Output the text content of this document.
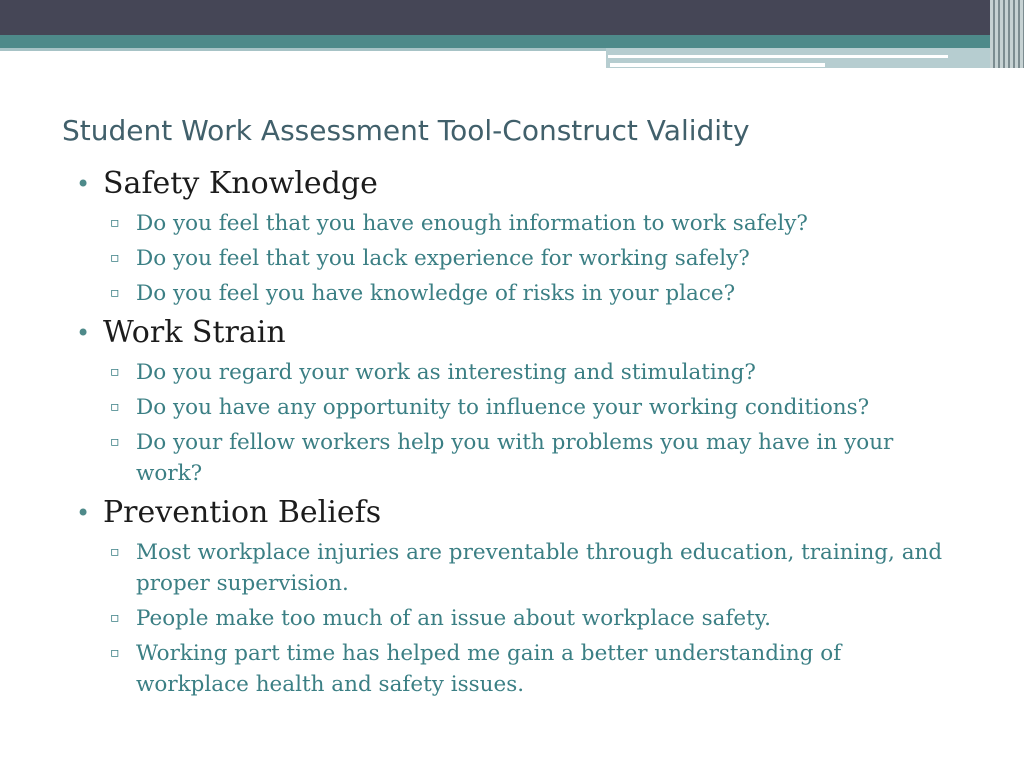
Student Work Assessment Tool-Construct Validity
• Safety Knowledge
▫ Do you feel that you have enough information to work safely?
▫ Do you feel that you lack experience for working safely?
▫ Do you feel you have knowledge of risks in your place?
• Work Strain
▫ Do you regard your work as interesting and stimulating?
▫ Do you have any opportunity to influence your working conditions?
▫ Do your fellow workers help you with problems you may have in your work?
• Prevention Beliefs
▫ Most workplace injuries are preventable through education, training, and proper supervision.
▫ People make too much of an issue about workplace safety.
▫ Working part time has helped me gain a better understanding of workplace health and safety issues.
